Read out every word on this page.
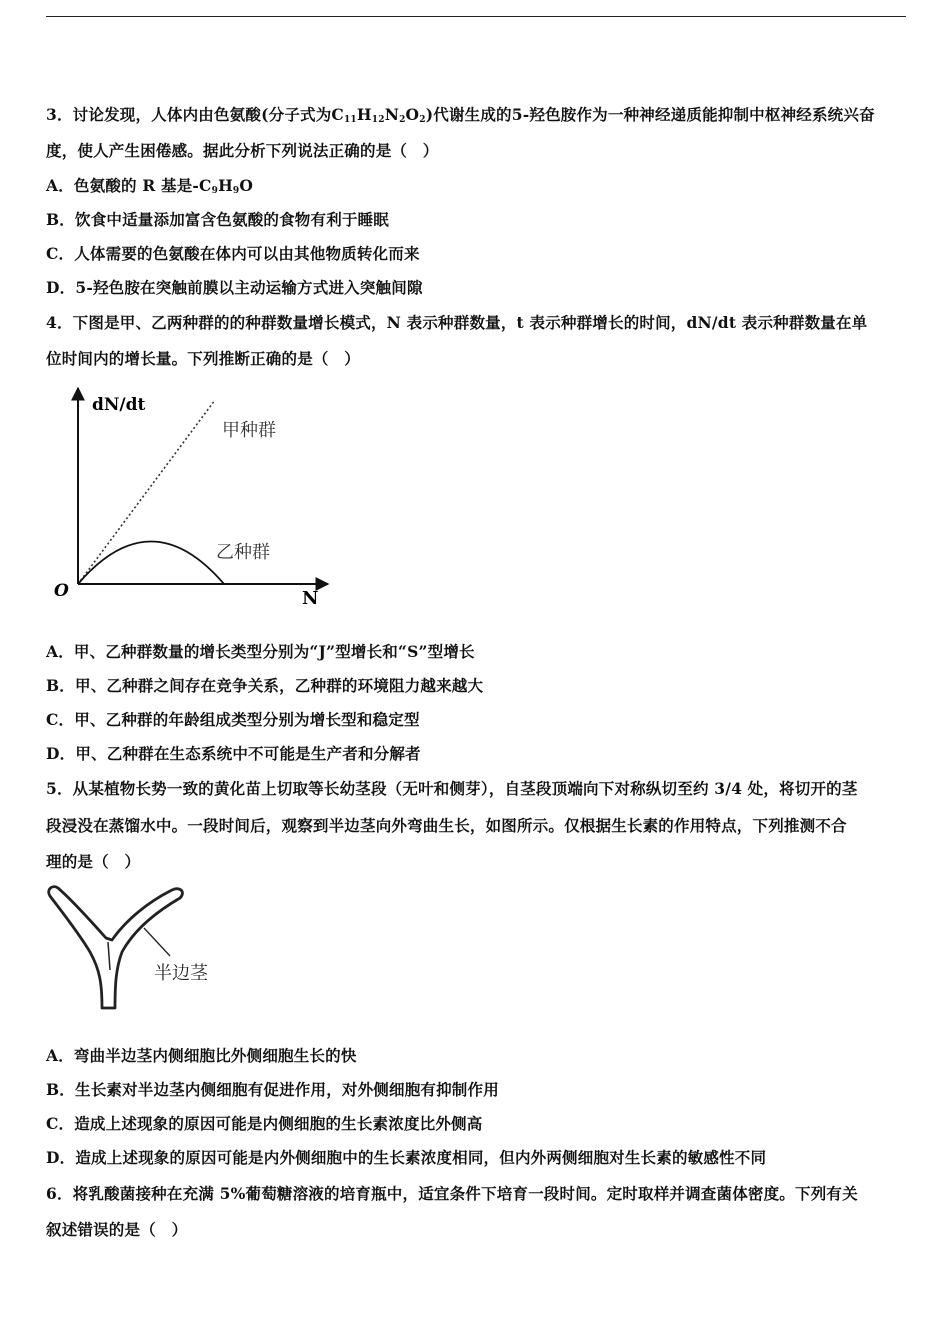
3．讨论发现，人体内由色氨酸(分子式为$C_{11}H_{12}N_2O_2$)代谢生成的5-羟色胺作为一种神经递质能抑制中枢神经系统兴奋
度，使人产生困倦感。据此分析下列说法正确的是（　）
A．色氨酸的 R 基是$-C_9H_9O$
B．饮食中适量添加富含色氨酸的食物有利于睡眠
C．人体需要的色氨酸在体内可以由其他物质转化而来
D．5-羟色胺在突触前膜以主动运输方式进入突触间隙
4．下图是甲、乙两种群的的种群数量增长模式，N 表示种群数量，t 表示种群增长的时间，dN/dt 表示种群数量在单
位时间内的增长量。下列推断正确的是（　）
dN/dt
N
O
甲种群
乙种群
A．甲、乙种群数量的增长类型分别为“J”型增长和“S”型增长
B．甲、乙种群之间存在竞争关系，乙种群的环境阻力越来越大
C．甲、乙种群的年龄组成类型分别为增长型和稳定型
D．甲、乙种群在生态系统中不可能是生产者和分解者
5．从某植物长势一致的黄化苗上切取等长幼茎段（无叶和侧芽），自茎段顶端向下对称纵切至约 3/4 处，将切开的茎
段浸没在蒸馏水中。一段时间后，观察到半边茎向外弯曲生长，如图所示。仅根据生长素的作用特点，下列推测不合
理的是（　）
半边茎
A．弯曲半边茎内侧细胞比外侧细胞生长的快
B．生长素对半边茎内侧细胞有促进作用，对外侧细胞有抑制作用
C．造成上述现象的原因可能是内侧细胞的生长素浓度比外侧高
D．造成上述现象的原因可能是内外侧细胞中的生长素浓度相同，但内外两侧细胞对生长素的敏感性不同
6．将乳酸菌接种在充满 5%葡萄糖溶液的培育瓶中，适宜条件下培育一段时间。定时取样并调查菌体密度。下列有关
叙述错误的是（　）
